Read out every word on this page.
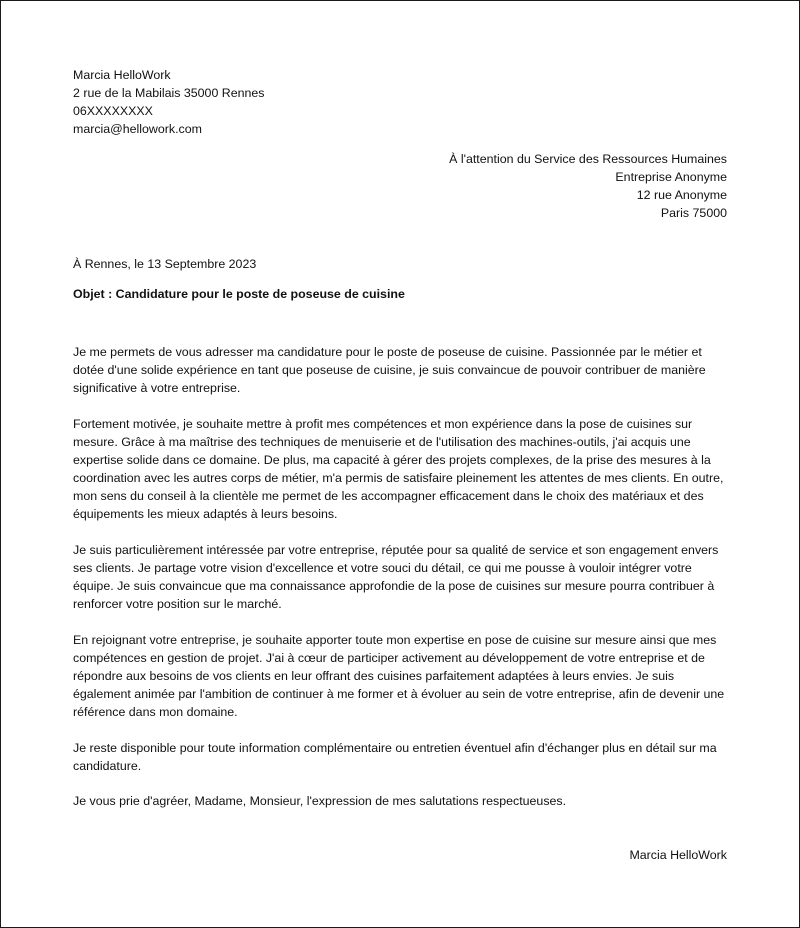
Marcia HelloWork
2 rue de la Mabilais 35000 Rennes
06XXXXXXXX
marcia@hellowork.com
À l'attention du Service des Ressources Humaines
Entreprise Anonyme
12 rue Anonyme
Paris 75000
À Rennes, le 13 Septembre 2023
Objet : Candidature pour le poste de poseuse de cuisine

Je me permets de vous adresser ma candidature pour le poste de poseuse de cuisine. Passionnée par le métier et dotée d'une solide expérience en tant que poseuse de cuisine, je suis convaincue de pouvoir contribuer de manière significative à votre entreprise.

Fortement motivée, je souhaite mettre à profit mes compétences et mon expérience dans la pose de cuisines sur mesure. Grâce à ma maîtrise des techniques de menuiserie et de l'utilisation des machines-outils, j'ai acquis une expertise solide dans ce domaine. De plus, ma capacité à gérer des projets complexes, de la prise des mesures à la coordination avec les autres corps de métier, m'a permis de satisfaire pleinement les attentes de mes clients. En outre, mon sens du conseil à la clientèle me permet de les accompagner efficacement dans le choix des matériaux et des équipements les mieux adaptés à leurs besoins.

Je suis particulièrement intéressée par votre entreprise, réputée pour sa qualité de service et son engagement envers ses clients. Je partage votre vision d'excellence et votre souci du détail, ce qui me pousse à vouloir intégrer votre équipe. Je suis convaincue que ma connaissance approfondie de la pose de cuisines sur mesure pourra contribuer à renforcer votre position sur le marché.

En rejoignant votre entreprise, je souhaite apporter toute mon expertise en pose de cuisine sur mesure ainsi que mes compétences en gestion de projet. J'ai à cœur de participer activement au développement de votre entreprise et de répondre aux besoins de vos clients en leur offrant des cuisines parfaitement adaptées à leurs envies. Je suis également animée par l'ambition de continuer à me former et à évoluer au sein de votre entreprise, afin de devenir une référence dans mon domaine.

Je reste disponible pour toute information complémentaire ou entretien éventuel afin d'échanger plus en détail sur ma candidature.

Je vous prie d'agréer, Madame, Monsieur, l'expression de mes salutations respectueuses.
Marcia HelloWork
